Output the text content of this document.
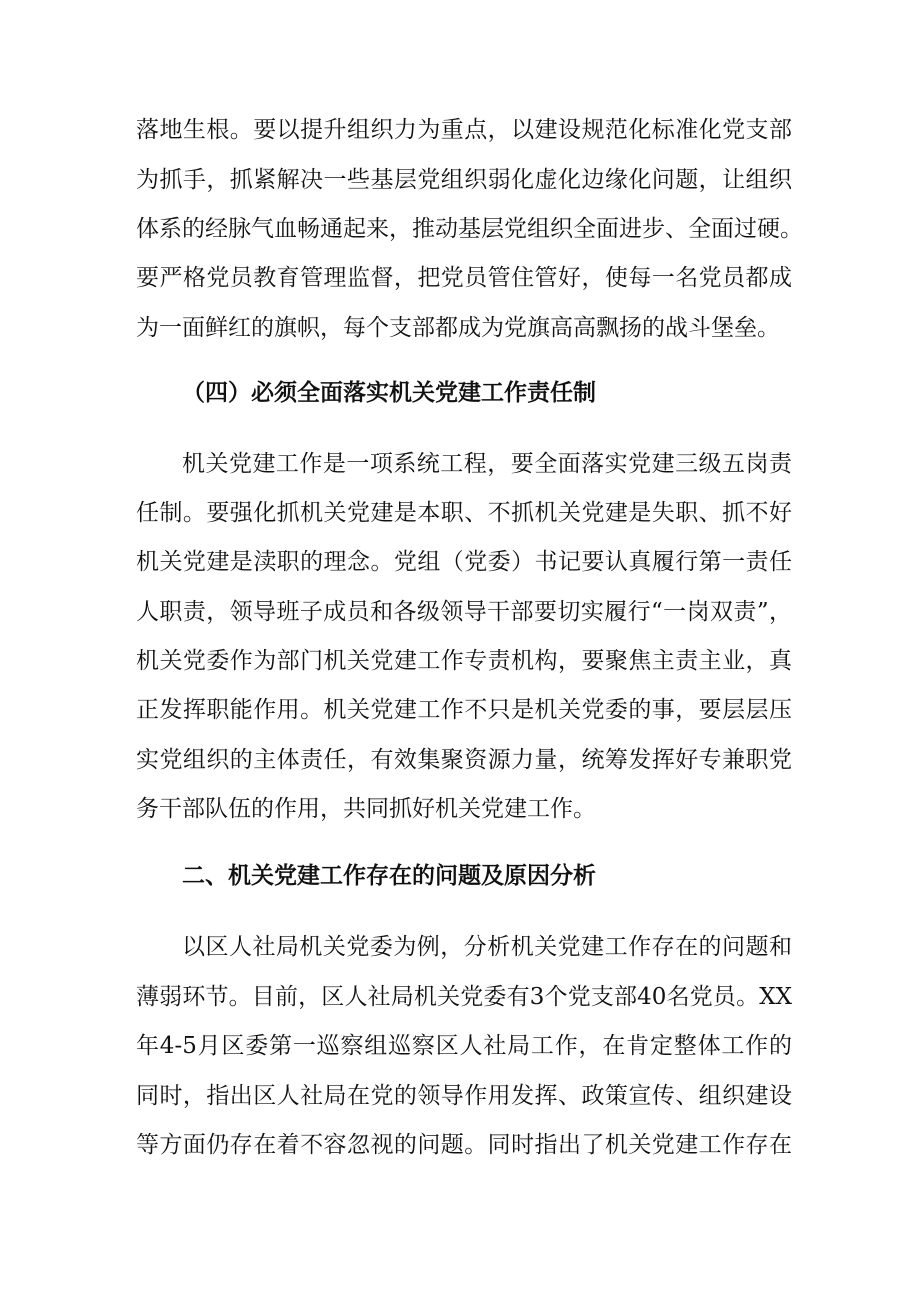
落地生根。要以提升组织力为重点，以建设规范化标准化党支部
为抓手，抓紧解决一些基层党组织弱化虚化边缘化问题，让组织
体系的经脉气血畅通起来，推动基层党组织全面进步、全面过硬。
要严格党员教育管理监督，把党员管住管好，使每一名党员都成
为一面鲜红的旗帜，每个支部都成为党旗高高飘扬的战斗堡垒。
（四）必须全面落实机关党建工作责任制
机关党建工作是一项系统工程，要全面落实党建三级五岗责
任制。要强化抓机关党建是本职、不抓机关党建是失职、抓不好
机关党建是渎职的理念。党组（党委）书记要认真履行第一责任
人职责，领导班子成员和各级领导干部要切实履行“一岗双责”，
机关党委作为部门机关党建工作专责机构，要聚焦主责主业，真
正发挥职能作用。机关党建工作不只是机关党委的事，要层层压
实党组织的主体责任，有效集聚资源力量，统筹发挥好专兼职党
务干部队伍的作用，共同抓好机关党建工作。
二、机关党建工作存在的问题及原因分析
以区人社局机关党委为例，分析机关党建工作存在的问题和
薄弱环节。目前，区人社局机关党委有3个党支部40名党员。XX
年4-5月区委第一巡察组巡察区人社局工作，在肯定整体工作的
同时，指出区人社局在党的领导作用发挥、政策宣传、组织建设
等方面仍存在着不容忽视的问题。同时指出了机关党建工作存在
